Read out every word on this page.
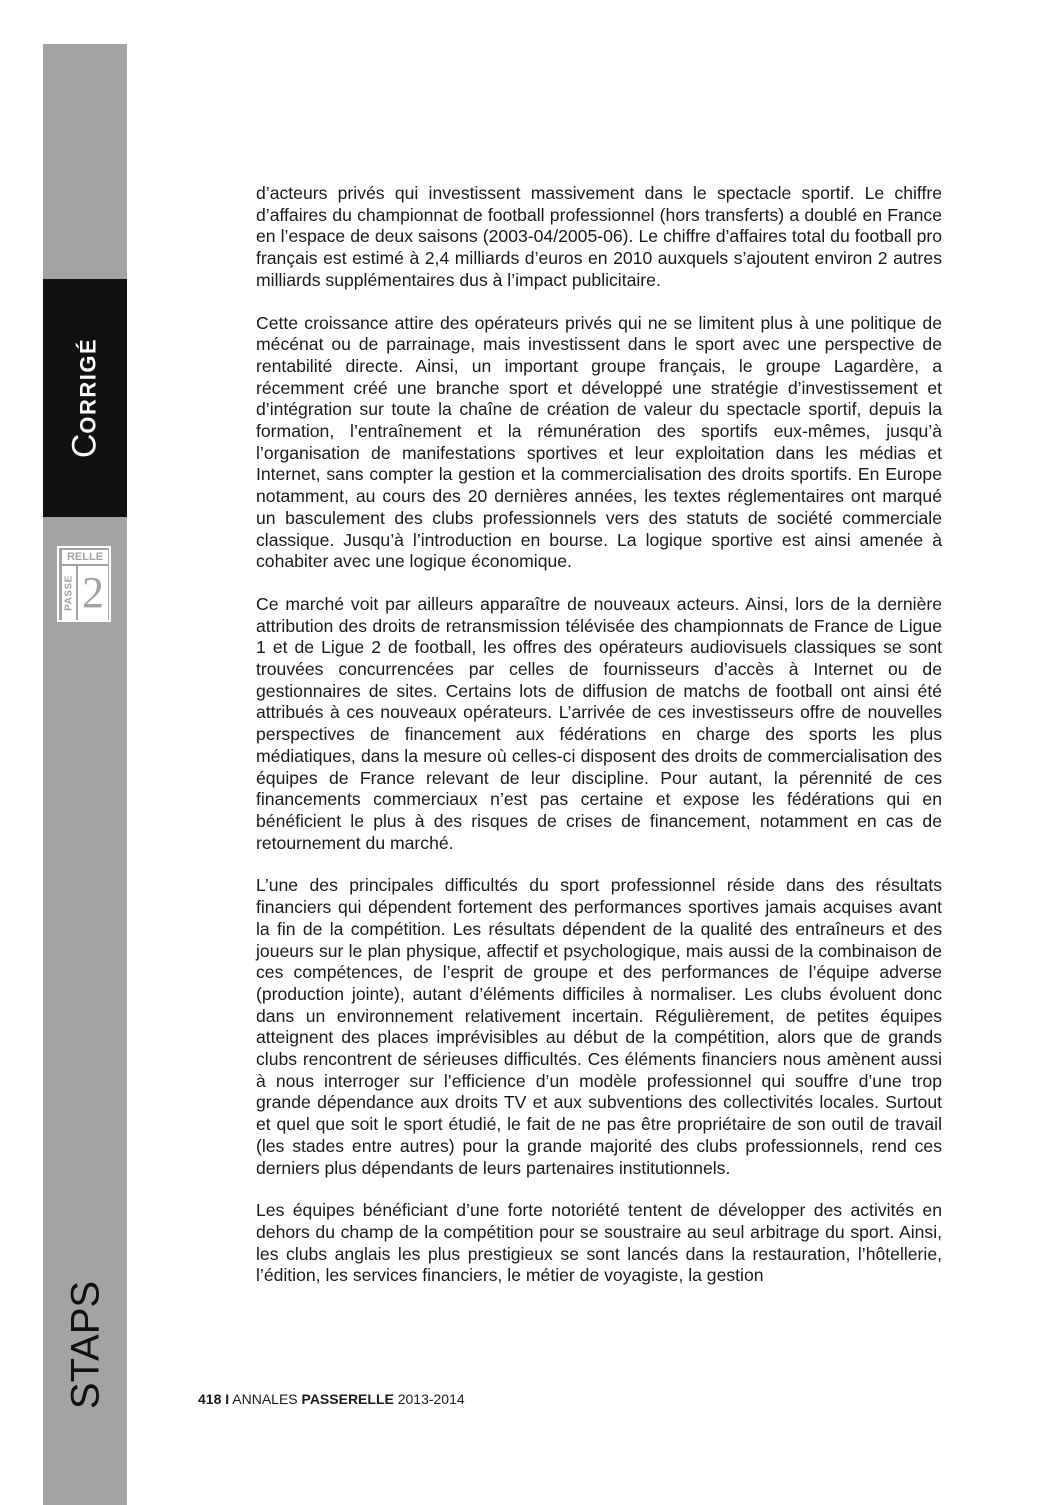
CORRIGÉ
RELLE
PASSE 2
STAPS

d’acteurs privés qui investissent massivement dans le spectacle sportif. Le chiffre d’affaires du championnat de football professionnel (hors transferts) a doublé en France en l’espace de deux saisons (2003-04/2005-06). Le chiffre d’affaires total du football pro français est estimé à 2,4 milliards d’euros en 2010 auxquels s’ajoutent environ 2 autres milliards supplémentaires dus à l’impact publicitaire.

Cette croissance attire des opérateurs privés qui ne se limitent plus à une politique de mécénat ou de parrainage, mais investissent dans le sport avec une perspective de rentabilité directe. Ainsi, un important groupe français, le groupe Lagardère, a récemment créé une branche sport et développé une stratégie d’investissement et d’intégration sur toute la chaîne de création de valeur du spectacle sportif, depuis la formation, l’entraînement et la rémunération des sportifs eux-mêmes, jusqu’à l’organisation de manifestations sportives et leur exploitation dans les médias et Internet, sans compter la gestion et la commercialisation des droits sportifs. En Europe notamment, au cours des 20 dernières années, les textes réglementaires ont marqué un basculement des clubs professionnels vers des statuts de société commerciale classique. Jusqu’à l’introduction en bourse. La logique sportive est ainsi amenée à cohabiter avec une logique économique.

Ce marché voit par ailleurs apparaître de nouveaux acteurs. Ainsi, lors de la dernière attribution des droits de retransmission télévisée des championnats de France de Ligue 1 et de Ligue 2 de football, les offres des opérateurs audiovisuels classiques se sont trouvées concurrencées par celles de fournisseurs d’accès à Internet ou de gestionnaires de sites. Certains lots de diffusion de matchs de football ont ainsi été attribués à ces nouveaux opérateurs. L’arrivée de ces investisseurs offre de nouvelles perspectives de financement aux fédérations en charge des sports les plus médiatiques, dans la mesure où celles-ci disposent des droits de commercialisation des équipes de France relevant de leur discipline. Pour autant, la pérennité de ces financements commerciaux n’est pas certaine et expose les fédérations qui en bénéficient le plus à des risques de crises de financement, notamment en cas de retournement du marché.

L’une des principales difficultés du sport professionnel réside dans des résultats financiers qui dépendent fortement des performances sportives jamais acquises avant la fin de la compétition. Les résultats dépendent de la qualité des entraîneurs et des joueurs sur le plan physique, affectif et psychologique, mais aussi de la combinaison de ces compétences, de l’esprit de groupe et des performances de l’équipe adverse (production jointe), autant d’éléments difficiles à normaliser. Les clubs évoluent donc dans un environnement relativement incertain. Régulièrement, de petites équipes atteignent des places imprévisibles au début de la compétition, alors que de grands clubs rencontrent de sérieuses difficultés. Ces éléments financiers nous amènent aussi à nous interroger sur l’efficience d’un modèle professionnel qui souffre d’une trop grande dépendance aux droits TV et aux subventions des collectivités locales. Surtout et quel que soit le sport étudié, le fait de ne pas être propriétaire de son outil de travail (les stades entre autres) pour la grande majorité des clubs professionnels, rend ces derniers plus dépendants de leurs partenaires institutionnels.

Les équipes bénéficiant d’une forte notoriété tentent de développer des activités en dehors du champ de la compétition pour se soustraire au seul arbitrage du sport. Ainsi, les clubs anglais les plus prestigieux se sont lancés dans la restauration, l’hôtellerie, l’édition, les services financiers, le métier de voyagiste, la gestion

418 I ANNALES PASSERELLE 2013-2014
